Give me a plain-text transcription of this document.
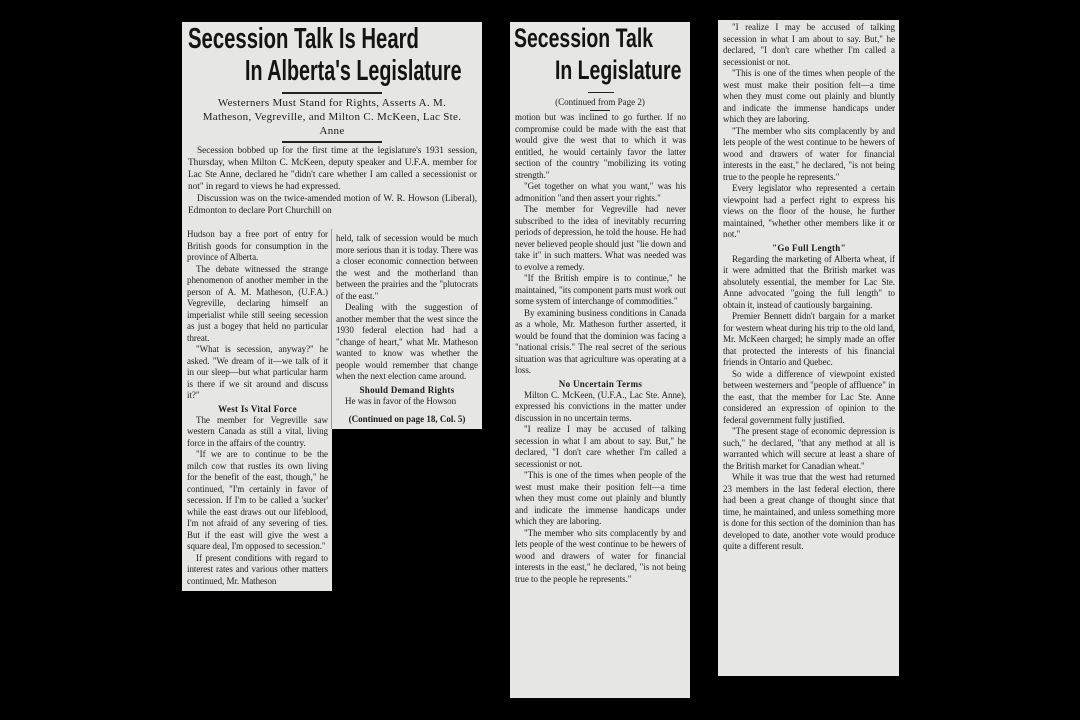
Secession Talk Is Heard
In Alberta's Legislature
Westerners Must Stand for Rights, Asserts A. M. Matheson, Vegreville, and Milton C. McKeen, Lac Ste. Anne

Secession bobbed up for the first time at the legislature's 1931 session, Thursday, when Milton C. McKeen, deputy speaker and U.F.A. member for Lac Ste Anne, declared he "didn't care whether I am called a secessionist or not" in regard to views he had expressed.

Discussion was on the twice-amended motion of W. R. Howson (Liberal), Edmonton to declare Port Churchill on

Hudson bay a free port of entry for British goods for consumption in the province of Alberta.

The debate witnessed the strange phenomenon of another member in the person of A. M. Matheson, (U.F.A.) Vegreville, declaring himself an imperialist while still seeing secession as just a bogey that held no particular threat.

"What is secession, anyway?" he asked. "We dream of it—we talk of it in our sleep—but what particular harm is there if we sit around and discuss it?"

West Is Vital Force

The member for Vegreville saw western Canada as still a vital, living force in the affairs of the country.

"If we are to continue to be the milch cow that rustles its own living for the benefit of the east, though," he continued, "I'm certainly in favor of secession. If I'm to be called a 'sucker' while the east draws out our lifeblood, I'm not afraid of any severing of ties. But if the east will give the west a square deal, I'm opposed to secession."

If present conditions with regard to interest rates and various other matters continued, Mr. Matheson

held, talk of secession would be much more serious than it is today. There was a closer economic connection between the west and the motherland than between the prairies and the "plutocrats of the east."

Dealing with the suggestion of another member that the west since the 1930 federal election had had a "change of heart," what Mr. Matheson wanted to know was whether the people would remember that change when the next election came around.

Should Demand Rights

He was in favor of the Howson

(Continued on page 18, Col. 5)
Secession Talk
In Legislature
(Continued from Page 2)

motion but was inclined to go further. If no compromise could be made with the east that would give the west that to which it was entitled, he would certainly favor the latter section of the country "mobilizing its voting strength."

"Get together on what you want," was his admonition "and then assert your rights."

The member for Vegreville had never subscribed to the idea of inevitably recurring periods of depression, he told the house. He had never believed people should just "lie down and take it" in such matters. What was needed was to evolve a remedy.

"If the British empire is to continue," he maintained, "its component parts must work out some system of interchange of commodities."

By examining business conditions in Canada as a whole, Mr. Matheson further asserted, it would be found that the dominion was facing a "national crisis." The real secret of the serious situation was that agriculture was operating at a loss.

No Uncertain Terms

Milton C. McKeen, (U.F.A., Lac Ste. Anne), expressed his convictions in the matter under discussion in no uncertain terms.

"I realize I may be accused of talking secession in what I am about to say. But," he declared, "I don't care whether I'm called a secessionist or not.

"This is one of the times when people of the west must make their position felt—a time when they must come out plainly and bluntly and indicate the immense handicaps under which they are laboring.

"The member who sits complacently by and lets people of the west continue to be hewers of wood and drawers of water for financial interests in the east," he declared, "is not being true to the people he represents."

"I realize I may be accused of talking secession in what I am about to say. But," he declared, "I don't care whether I'm called a secessionist or not.

"This is one of the times when people of the west must make their position felt—a time when they must come out plainly and bluntly and indicate the immense handicaps under which they are laboring.

"The member who sits complacently by and lets people of the west continue to be hewers of wood and drawers of water for financial interests in the east," he declared, "is not being true to the people he represents."

Every legislator who represented a certain viewpoint had a perfect right to express his views on the floor of the house, he further maintained, "whether other members like it or not."

"Go Full Length"

Regarding the marketing of Alberta wheat, if it were admitted that the British market was absolutely essential, the member for Lac Ste. Anne advocated "going the full length" to obtain it, instead of cautiously bargaining.

Premier Bennett didn't bargain for a market for western wheat during his trip to the old land, Mr. McKeen charged; he simply made an offer that protected the interests of his financial friends in Ontario and Quebec.

So wide a difference of viewpoint existed between westerners and "people of affluence" in the east, that the member for Lac Ste. Anne considered an expression of opinion to the federal government fully justified.

"The present stage of economic depression is such," he declared, "that any method at all is warranted which will secure at least a share of the British market for Canadian wheat."

While it was true that the west had returned 23 members in the last federal election, there had been a great change of thought since that time, he maintained, and unless something more is done for this section of the dominion than has developed to date, another vote would produce quite a different result.
